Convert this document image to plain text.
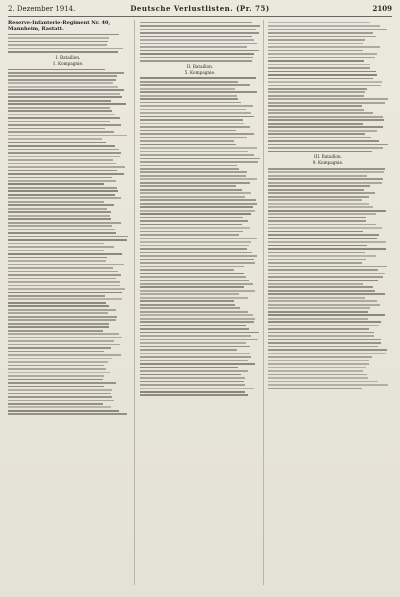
2. Dezember 1914.	Deutsche Verlustlisten. (Pr. 75)	2109
Reserve-Infanterie-Regiment Nr. 40,
Mannheim, Rastatt.
I. Bataillon.
1. Kompagnie.
II. Bataillon.
5. Kompagnie.
III. Bataillon.
9. Kompagnie.
